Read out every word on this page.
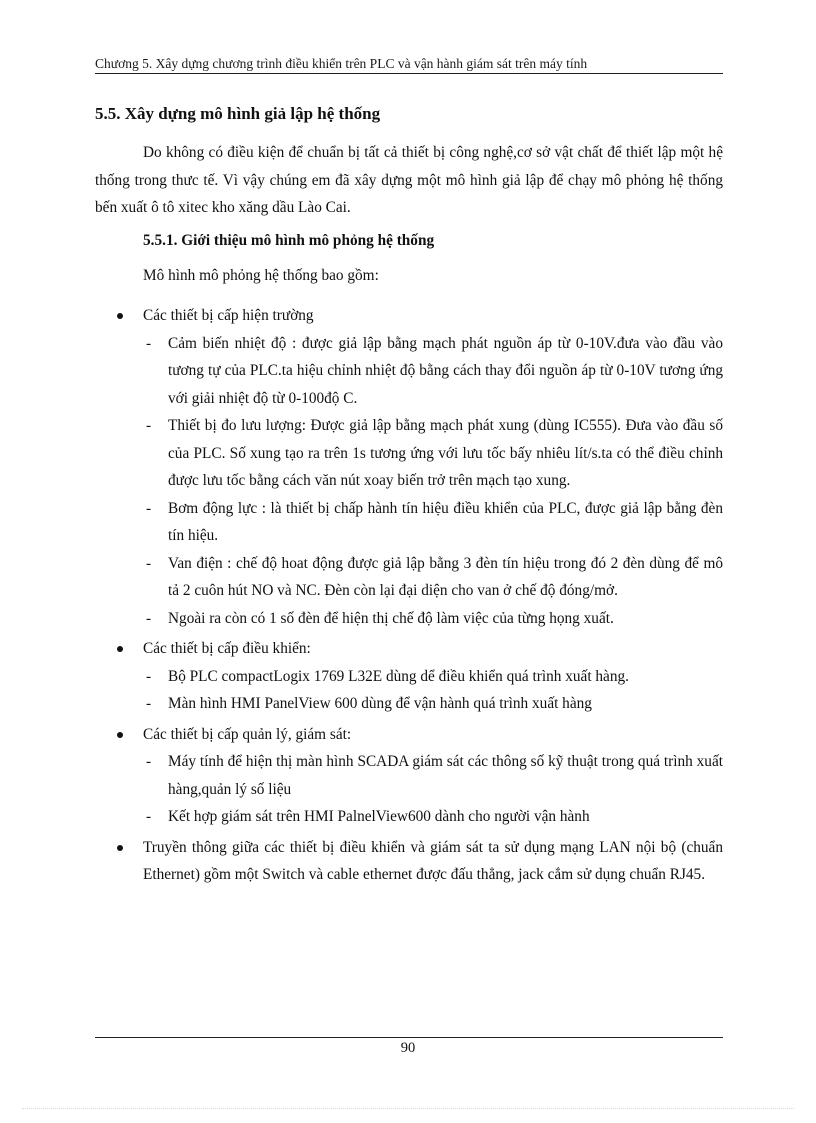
Chương 5. Xây dựng chương trình điều khiển trên PLC và vận hành giám sát trên máy tính
5.5. Xây dựng mô hình giả lập hệ thống
Do không có điều kiện để chuẩn bị tất cả thiết bị công nghệ,cơ sở vật chất để thiết lập một hệ thống trong thưc tế. Vì vậy chúng em đã xây dựng một mô hình giả lập để chạy mô phỏng hệ thống bến xuất ô tô xitec kho xăng dầu Lào Cai.
5.5.1. Giới thiệu mô hình mô phỏng hệ thống
Mô hình mô phỏng hệ thống bao gồm:
Các thiết bị cấp hiện trường
- Cảm biến nhiệt độ : được giả lập bằng mạch phát nguồn áp từ 0-10V.đưa vào đầu vào tương tự của PLC.ta hiệu chỉnh nhiệt độ bằng cách thay đổi nguồn áp từ 0-10V tương ứng với giải nhiệt độ từ 0-100độ C.
- Thiết bị đo lưu lượng: Được giả lập bằng mạch phát xung (dùng IC555). Đưa vào đầu số của PLC. Số xung tạo ra trên 1s tương ứng với lưu tốc bấy nhiêu lít/s.ta có thể điều chỉnh được lưu tốc bằng cách văn nút xoay biến trở trên mạch tạo xung.
- Bơm động lực : là thiết bị chấp hành tín hiệu điều khiển của PLC, được giả lập bằng đèn tín hiệu.
- Van điện : chế độ hoat động được giả lập bằng 3 đèn tín hiệu trong đó 2 đèn dùng để mô tả 2 cuôn hút NO và NC. Đèn còn lại đại diện cho van ở chế độ đóng/mở.
- Ngoài ra còn có 1 số đèn để hiện thị chế độ làm việc của từng họng xuất.
Các thiết bị cấp điều khiển:
- Bộ PLC compactLogix 1769 L32E dùng dể điều khiển quá trình xuất hàng.
- Màn hình HMI PanelView 600 dùng để vận hành quá trình xuất hàng
Các thiết bị cấp quản lý, giám sát:
- Máy tính để hiện thị màn hình SCADA giám sát các thông số kỹ thuật trong quá trình xuất hàng,quản lý số liệu
- Kết hợp giám sát trên HMI PalnelView600 dành cho người vận hành
Truyền thông giữa các thiết bị điều khiển và giám sát ta sử dụng mạng LAN nội bộ (chuẩn Ethernet) gồm một Switch và cable ethernet được đấu thẳng, jack cắm sử dụng chuẩn RJ45.
90
